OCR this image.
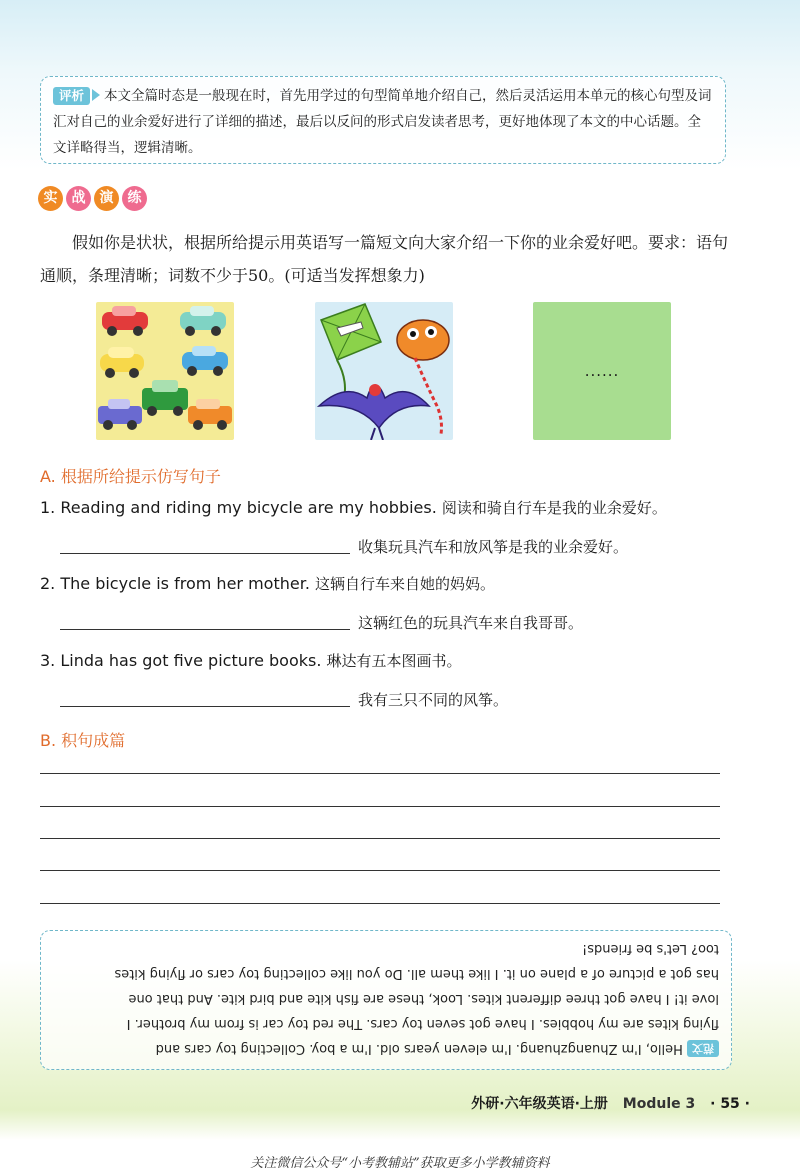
评析 本文全篇时态是一般现在时，首先用学过的句型简单地介绍自己，然后灵活运用本单元的核心句型及词汇对自己的业余爱好进行了详细的描述，最后以反问的形式启发读者思考，更好地体现了本文的中心话题。全文详略得当，逻辑清晰。
实	战	演	练
假如你是状状，根据所给提示用英语写一篇短文向大家介绍一下你的业余爱好吧。要求：语句通顺，条理清晰；词数不少于50。(可适当发挥想象力)
......
A. 根据所给提示仿写句子
1. Reading and riding my bicycle are my hobbies. 阅读和骑自行车是我的业余爱好。
收集玩具汽车和放风筝是我的业余爱好。
2. The bicycle is from her mother. 这辆自行车来自她的妈妈。
这辆红色的玩具汽车来自我哥哥。
3. Linda has got five picture books. 琳达有五本图画书。
我有三只不同的风筝。
B. 积句成篇
范文 Hello, I'm Zhuangzhuang. I'm eleven years old. I'm a boy. Collecting toy cars and
flying kites are my hobbies. I have got seven toy cars. The red toy car is from my brother. I
love it! I have got three different kites. Look, these are fish kite and bird kite. And that one
has got a picture of a plane on it. I like them all. Do you like collecting toy cars or flying kites
too? Let's be friends!
外研·六年级英语·上册 Module 3 · 55 ·
关注微信公众号“小考教辅站”获取更多小学教辅资料
